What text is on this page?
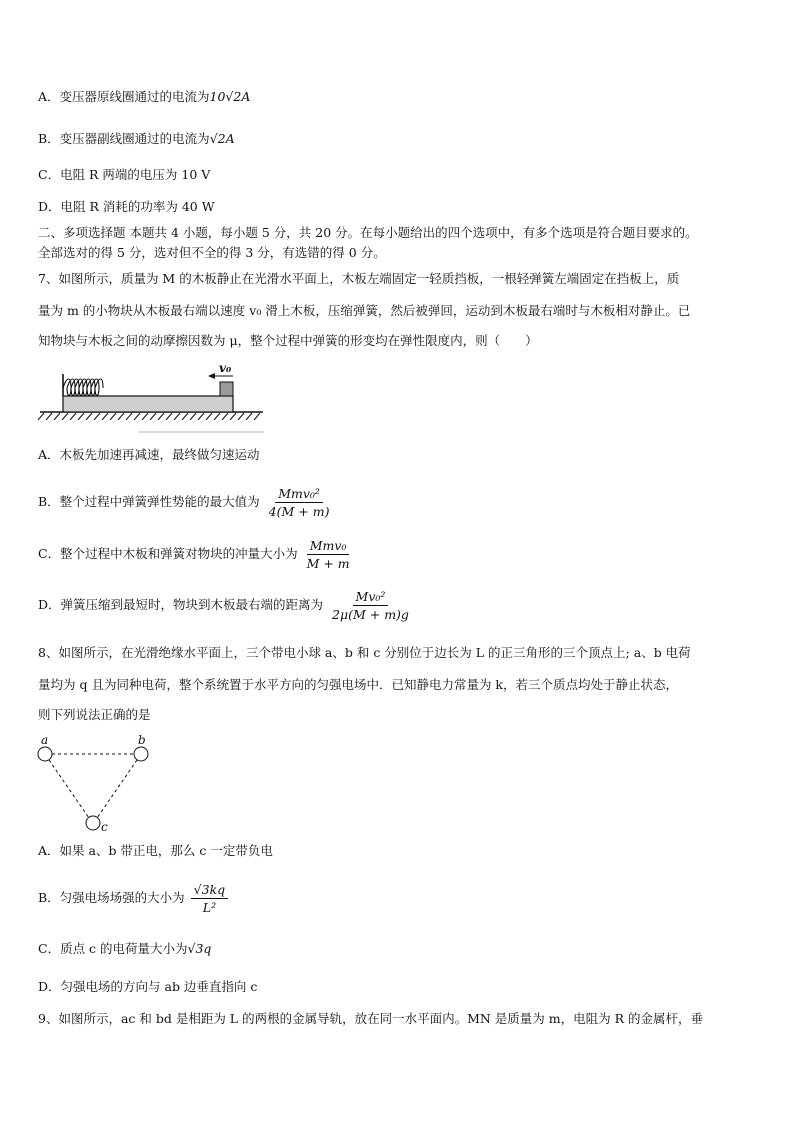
A．变压器原线圈通过的电流为10√2A
B．变压器副线圈通过的电流为√2A
C．电阻 R 两端的电压为 10 V
D．电阻 R 消耗的功率为 40 W
二、多项选择题 本题共 4 小题，每小题 5 分，共 20 分。在每小题给出的四个选项中，有多个选项是符合题目要求的。
全部选对的得 5 分，选对但不全的得 3 分，有选错的得 0 分。
7、如图所示，质量为 M 的木板静止在光滑水平面上，木板左端固定一轻质挡板，一根轻弹簧左端固定在挡板上，质
量为 m 的小物块从木板最右端以速度 v₀ 滑上木板，压缩弹簧，然后被弹回，运动到木板最右端时与木板相对静止。已
知物块与木板之间的动摩擦因数为 μ，整个过程中弹簧的形变均在弹性限度内，则（　　）
v₀
A．木板先加速再减速，最终做匀速运动
B．整个过程中弹簧弹性势能的最大值为 $\frac{\text{Mmv₀²}}{4(M + m)}$
C．整个过程中木板和弹簧对物块的冲量大小为 $\frac{\text{Mmv₀}}{M + m}$
D．弹簧压缩到最短时，物块到木板最右端的距离为 $\frac{\text{Mv₀²}}{2\mu(M + m)g}$
8、如图所示，在光滑绝缘水平面上，三个带电小球 a、b 和 c 分别位于边长为 L 的正三角形的三个顶点上; a、b 电荷
量均为 q 且为同种电荷，整个系统置于水平方向的匀强电场中．已知静电力常量为 k，若三个质点均处于静止状态，
则下列说法正确的是
a	b
c
A．如果 a、b 带正电，那么 c 一定带负电
B．匀强电场场强的大小为 $\frac{√3kq}{\text{L²}}$
C．质点 c 的电荷量大小为√3q
D．匀强电场的方向与 ab 边垂直指向 c
9、如图所示，ac 和 bd 是相距为 L 的两根的金属导轨，放在同一水平面内。MN 是质量为 m，电阻为 R 的金属杆，垂
